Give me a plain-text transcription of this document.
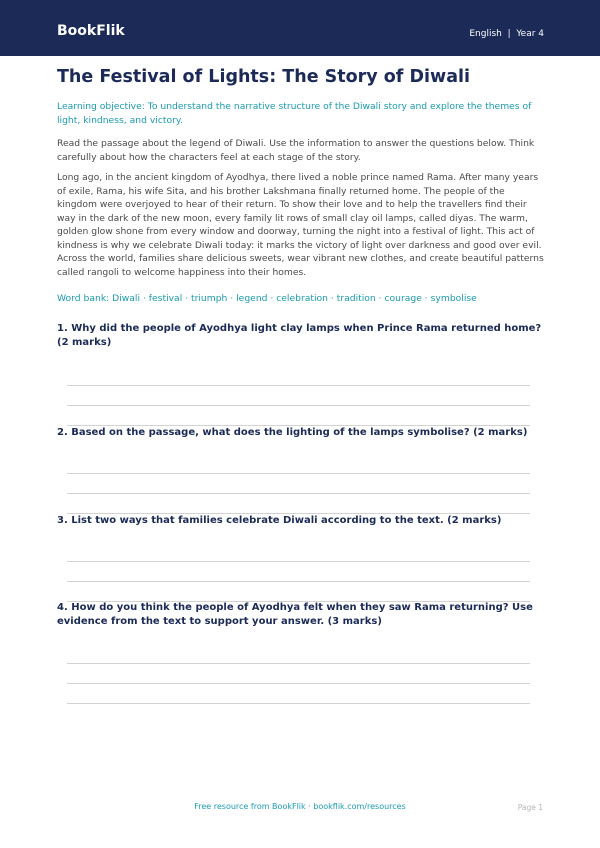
BookFlik	English  |  Year 4
The Festival of Lights: The Story of Diwali

Learning objective: To understand the narrative structure of the Diwali story and explore the themes of light, kindness, and victory.

Read the passage about the legend of Diwali. Use the information to answer the questions below. Think carefully about how the characters feel at each stage of the story.

Long ago, in the ancient kingdom of Ayodhya, there lived a noble prince named Rama. After many years of exile, Rama, his wife Sita, and his brother Lakshmana finally returned home. The people of the kingdom were overjoyed to hear of their return. To show their love and to help the travellers find their way in the dark of the new moon, every family lit rows of small clay oil lamps, called diyas. The warm, golden glow shone from every window and doorway, turning the night into a festival of light. This act of kindness is why we celebrate Diwali today: it marks the victory of light over darkness and good over evil. Across the world, families share delicious sweets, wear vibrant new clothes, and create beautiful patterns called rangoli to welcome happiness into their homes.

Word bank: Diwali · festival · triumph · legend · celebration · tradition · courage · symbolise

1. Why did the people of Ayodhya light clay lamps when Prince Rama returned home? (2 marks)
2. Based on the passage, what does the lighting of the lamps symbolise? (2 marks)
3. List two ways that families celebrate Diwali according to the text. (2 marks)
4. How do you think the people of Ayodhya felt when they saw Rama returning? Use evidence from the text to support your answer. (3 marks)
Free resource from BookFlik · bookflik.com/resources	Page 1
